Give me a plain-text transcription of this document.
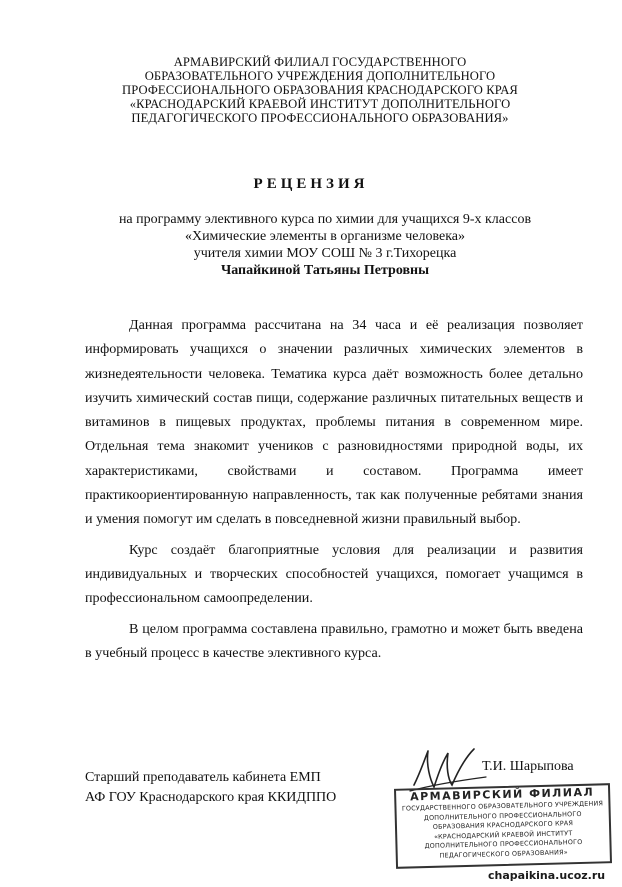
АРМАВИРСКИЙ ФИЛИАЛ ГОСУДАРСТВЕННОГО
ОБРАЗОВАТЕЛЬНОГО УЧРЕЖДЕНИЯ ДОПОЛНИТЕЛЬНОГО
ПРОФЕССИОНАЛЬНОГО ОБРАЗОВАНИЯ КРАСНОДАРСКОГО КРАЯ
«КРАСНОДАРСКИЙ КРАЕВОЙ ИНСТИТУТ ДОПОЛНИТЕЛЬНОГО
ПЕДАГОГИЧЕСКОГО ПРОФЕССИОНАЛЬНОГО ОБРАЗОВАНИЯ»
РЕЦЕНЗИЯ
на программу элективного курса по химии для учащихся 9-х классов
«Химические элементы в организме человека»
учителя химии МОУ СОШ № 3 г.Тихорецка
Чапайкиной Татьяны Петровны

Данная программа рассчитана на 34 часа и её реализация позволяет информировать учащихся о значении различных химических элементов в жизнедеятельности человека. Тематика курса даёт возможность более детально изучить химический состав пищи, содержание различных питательных веществ и витаминов в пищевых продуктах, проблемы питания в современном мире. Отдельная тема знакомит учеников с разновидностями природной воды, их характеристиками, свойствами и составом. Программа имеет практикоориентированную направленность, так как полученные ребятами знания и умения помогут им сделать в повседневной жизни правильный выбор.

Курс создаёт благоприятные условия для реализации и развития индивидуальных и творческих способностей учащихся, помогает учащимся в профессиональном самоопределении.

В целом программа составлена правильно, грамотно и может быть введена в учебный процесс в качестве элективного курса.

Старший преподаватель кабинета ЕМП
АФ ГОУ Краснодарского края ККИДППО
Т.И. Шарыпова
АРМАВИРСКИЙ ФИЛИАЛ
ГОСУДАРСТВЕННОГО ОБРАЗОВАТЕЛЬНОГО УЧРЕЖДЕНИЯ
ДОПОЛНИТЕЛЬНОГО ПРОФЕССИОНАЛЬНОГО
ОБРАЗОВАНИЯ КРАСНОДАРСКОГО КРАЯ
«КРАСНОДАРСКИЙ КРАЕВОЙ ИНСТИТУТ
ДОПОЛНИТЕЛЬНОГО ПРОФЕССИОНАЛЬНОГО
ПЕДАГОГИЧЕСКОГО ОБРАЗОВАНИЯ»
chapaikina.ucoz.ru
